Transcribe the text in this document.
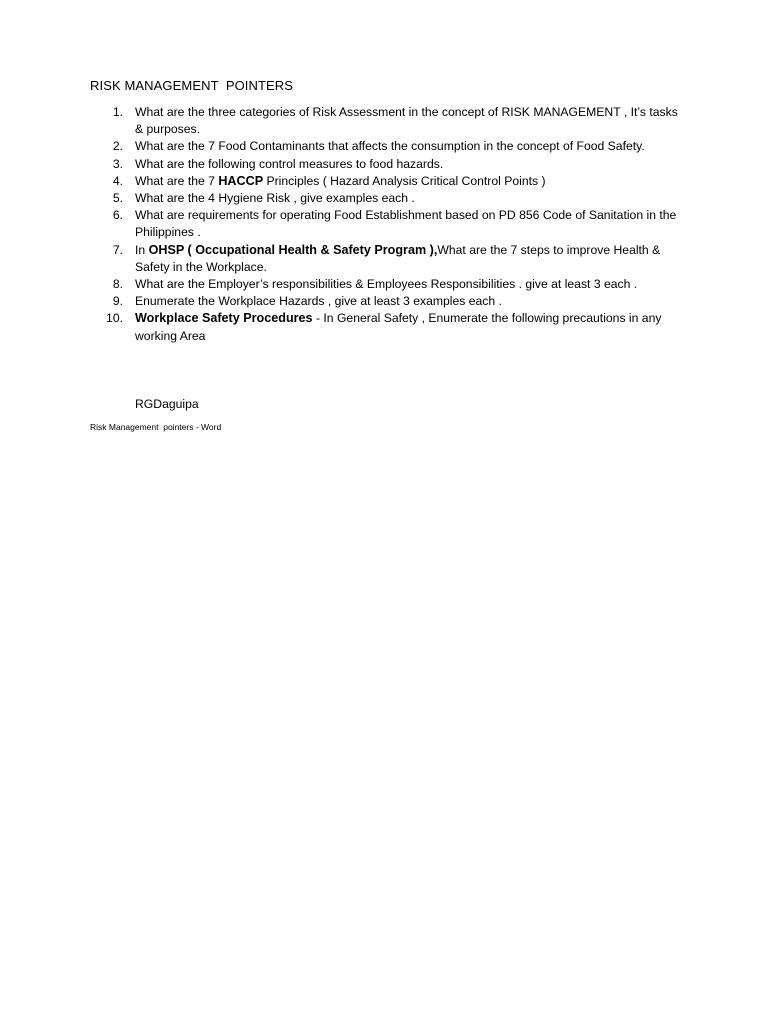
RISK MANAGEMENT  POINTERS
1. What are the three categories of Risk Assessment in the concept of RISK MANAGEMENT , It’s tasks & purposes.
2. What are the 7 Food Contaminants that affects the consumption in the concept of Food Safety.
3. What are the following control measures to food hazards.
4. What are the 7 HACCP Principles ( Hazard Analysis Critical Control Points )
5. What are the 4 Hygiene Risk , give examples each .
6. What are requirements for operating Food Establishment based on PD 856 Code of Sanitation in the Philippines .
7. In OHSP ( Occupational Health & Safety Program ),What are the 7 steps to improve Health & Safety in the Workplace.
8. What are the Employer’s responsibilities & Employees Responsibilities . give at least 3 each .
9. Enumerate the Workplace Hazards , give at least 3 examples each .
10. Workplace Safety Procedures - In General Safety , Enumerate the following precautions in any working Area
RGDaguipa
Risk Management  pointers - Word
